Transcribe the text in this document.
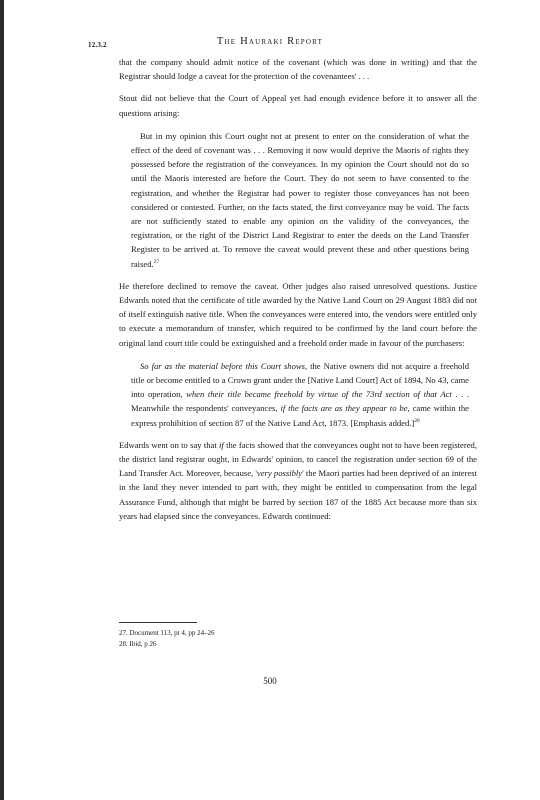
12.3.2	The Hauraki Report

that the company should admit notice of the covenant (which was done in writing) and that the Registrar should lodge a caveat for the protection of the covenantees' . . .

Stout did not believe that the Court of Appeal yet had enough evidence before it to answer all the questions arising:

But in my opinion this Court ought not at present to enter on the consideration of what the effect of the deed of covenant was . . . Removing it now would deprive the Maoris of rights they possessed before the registration of the conveyances. In my opinion the Court should not do so until the Maoris interested are before the Court. They do not seem to have consented to the registration, and whether the Registrar had power to register those conveyances has not been considered or contested. Further, on the facts stated, the first conveyance may be void. The facts are not sufficiently stated to enable any opinion on the validity of the conveyances, the registration, or the right of the District Land Registrar to enter the deeds on the Land Transfer Register to be arrived at. To remove the caveat would prevent these and other questions being raised.$^{27}$

He therefore declined to remove the caveat. Other judges also raised unresolved questions. Justice Edwards noted that the certificate of title awarded by the Native Land Court on 29 August 1883 did not of itself extinguish native title. When the conveyances were entered into, the vendors were entitled only to execute a memorandum of transfer, which required to be confirmed by the land court before the original land court title could be extinguished and a freehold order made in favour of the purchasers:

So far as the material before this Court shows, the Native owners did not acquire a freehold title or become entitled to a Crown grant under the [Native Land Court] Act of 1894, No 43, came into operation, when their title became freehold by virtue of the 73rd section of that Act . . . Meanwhile the respondents' conveyances, if the facts are as they appear to be, came within the express prohibition of section 87 of the Native Land Act, 1873. [Emphasis added.]$^{28}$

Edwards went on to say that if the facts showed that the conveyances ought not to have been registered, the district land registrar ought, in Edwards' opinion, to cancel the registration under section 69 of the Land Transfer Act. Moreover, because, 'very possibly' the Maori parties had been deprived of an interest in the land they never intended to part with, they might be entitled to compensation from the legal Assurance Fund, although that might be barred by section 187 of the 1885 Act because more than six years had elapsed since the conveyances. Edwards continued:

27. Document 113, pt 4, pp 24–26
28. Ibid, p 26
500
